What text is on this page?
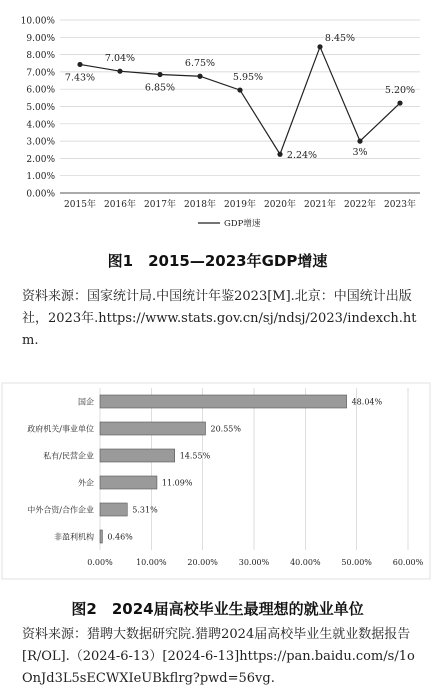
0.00%
1.00%
2.00%
3.00%
4.00%
5.00%
6.00%
7.00%
8.00%
9.00%
10.00%
2015年 2016年 2017年 2018年 2019年 2020年 2021年 2022年 2023年
7.43%
7.04%
6.85%
6.75%
5.95%
2.24%
8.45%
3%
5.20%
GDP增速
图1　2015—2023年GDP增速
资料来源：国家统计局.中国统计年鉴2023[M].北京：中国统计出版社，2023年.https://www.stats.gov.cn/sj/ndsj/2023/indexch.htm.
0.00%	10.00%	20.00%	30.00%	40.00%	50.00%	60.00%
国企	48.04%
政府机关/事业单位	20.55%
私有/民营企业	14.55%
外企	11.09%
中外合资/合作企业	5.31%
非盈利机构 0.46%
图2　2024届高校毕业生最理想的就业单位
资料来源：猎聘大数据研究院.猎聘2024届高校毕业生就业数据报告[R/OL].（2024-6-13）[2024-6-13]https://pan.baidu.com/s/1oOnJd3L5sECWXIeUBkflrg?pwd=56vg.
